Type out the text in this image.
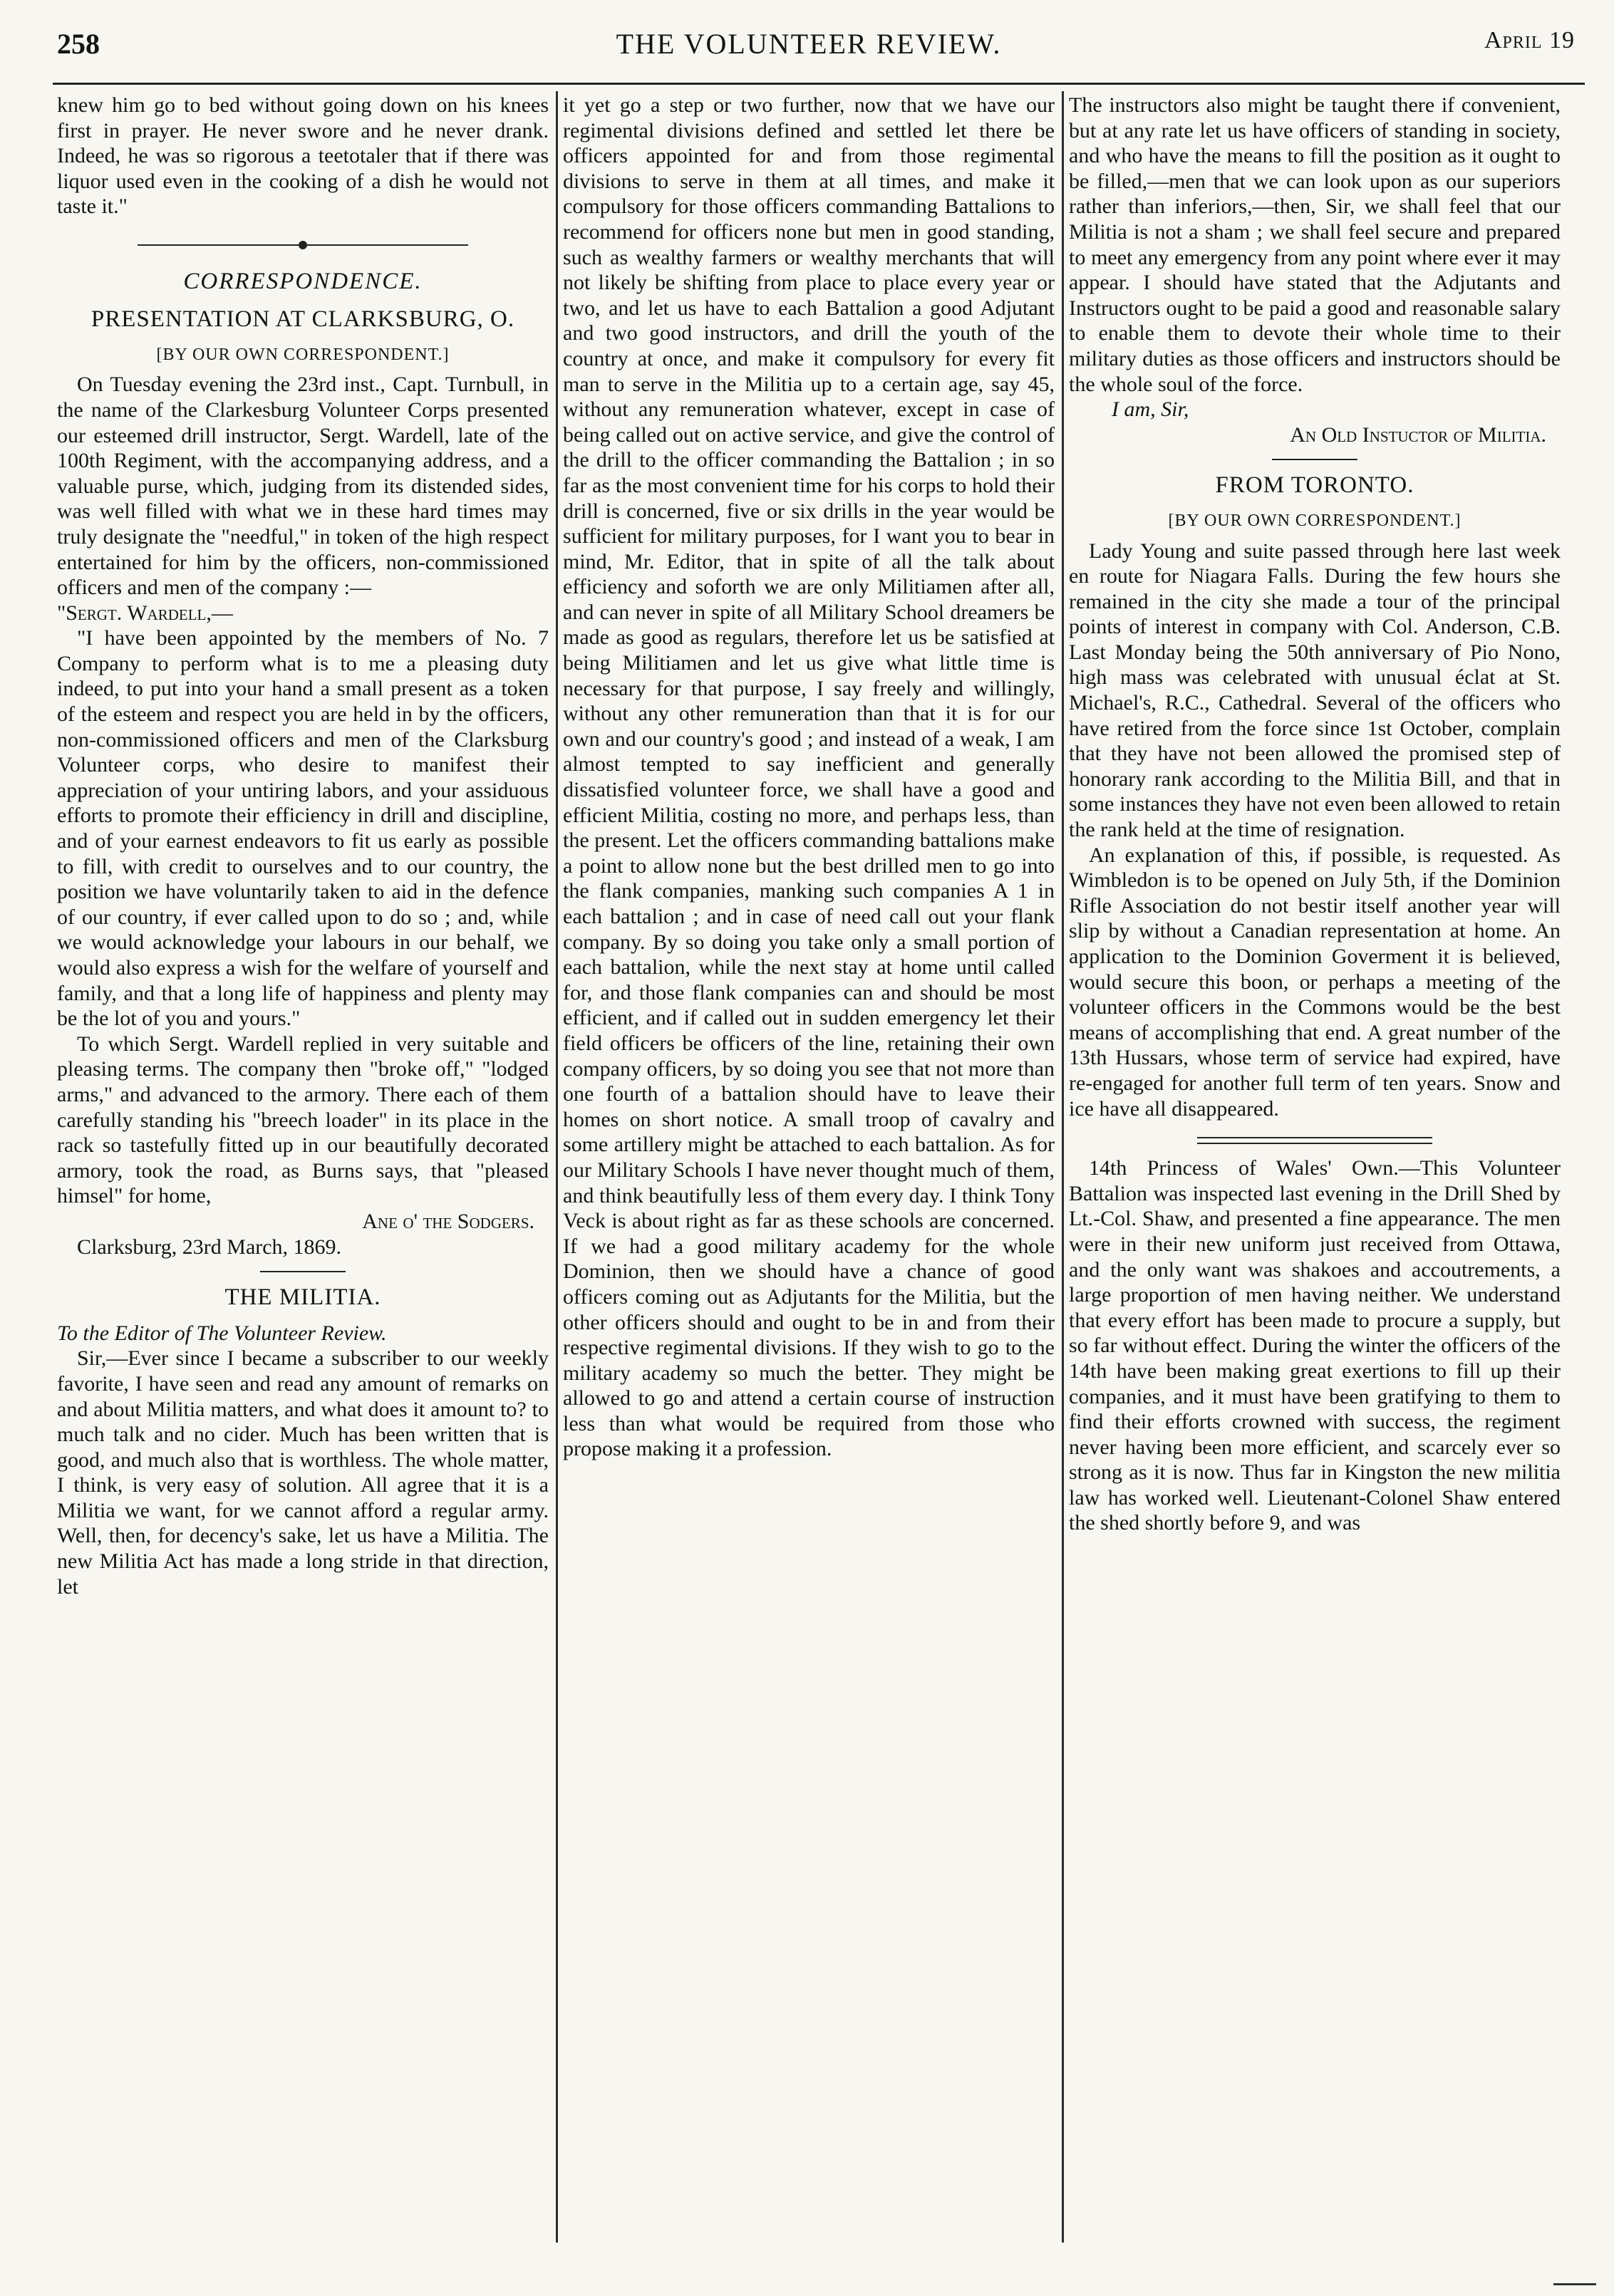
258	THE VOLUNTEER REVIEW.	April 19

knew him go to bed without going down on his knees first in prayer. He never swore and he never drank. Indeed, he was so rigorous a teetotaler that if there was liquor used even in the cooking of a dish he would not taste it."

CORRESPONDENCE.
PRESENTATION AT CLARKSBURG, O.
[BY OUR OWN CORRESPONDENT.]

On Tuesday evening the 23rd inst., Capt. Turnbull, in the name of the Clarkesburg Volunteer Corps presented our esteemed drill instructor, Sergt. Wardell, late of the 100th Regiment, with the accompanying address, and a valuable purse, which, judging from its distended sides, was well filled with what we in these hard times may truly designate the "needful," in token of the high respect entertained for him by the officers, non-commissioned officers and men of the company :—

"Sergt. Wardell,—

"I have been appointed by the members of No. 7 Company to perform what is to me a pleasing duty indeed, to put into your hand a small present as a token of the esteem and respect you are held in by the officers, non-commissioned officers and men of the Clarksburg Volunteer corps, who desire to manifest their appreciation of your untiring labors, and your assiduous efforts to promote their efficiency in drill and discipline, and of your earnest endeavors to fit us early as possible to fill, with credit to ourselves and to our country, the position we have voluntarily taken to aid in the defence of our country, if ever called upon to do so ; and, while we would acknowledge your labours in our behalf, we would also express a wish for the welfare of yourself and family, and that a long life of happiness and plenty may be the lot of you and yours."

To which Sergt. Wardell replied in very suitable and pleasing terms. The company then "broke off," "lodged arms," and advanced to the armory. There each of them carefully standing his "breech loader" in its place in the rack so tastefully fitted up in our beautifully decorated armory, took the road, as Burns says, that "pleased himsel" for home,

Ane o' the Sodgers.

Clarksburg, 23rd March, 1869.

THE MILITIA.

To the Editor of The Volunteer Review.

Sir,—Ever since I became a subscriber to our weekly favorite, I have seen and read any amount of remarks on and about Militia matters, and what does it amount to? to much talk and no cider. Much has been written that is good, and much also that is worthless. The whole matter, I think, is very easy of solution. All agree that it is a Militia we want, for we cannot afford a regular army. Well, then, for decency's sake, let us have a Militia. The new Militia Act has made a long stride in that direction, let

it yet go a step or two further, now that we have our regimental divisions defined and settled let there be officers appointed for and from those regimental divisions to serve in them at all times, and make it compulsory for those officers commanding Battalions to recommend for officers none but men in good standing, such as wealthy farmers or wealthy merchants that will not likely be shifting from place to place every year or two, and let us have to each Battalion a good Adjutant and two good instructors, and drill the youth of the country at once, and make it compulsory for every fit man to serve in the Militia up to a certain age, say 45, without any remuneration whatever, except in case of being called out on active service, and give the control of the drill to the officer commanding the Battalion ; in so far as the most convenient time for his corps to hold their drill is concerned, five or six drills in the year would be sufficient for military purposes, for I want you to bear in mind, Mr. Editor, that in spite of all the talk about efficiency and soforth we are only Militiamen after all, and can never in spite of all Military School dreamers be made as good as regulars, therefore let us be satisfied at being Militiamen and let us give what little time is necessary for that purpose, I say freely and willingly, without any other remuneration than that it is for our own and our country's good ; and instead of a weak, I am almost tempted to say inefficient and generally dissatisfied volunteer force, we shall have a good and efficient Militia, costing no more, and perhaps less, than the present. Let the officers commanding battalions make a point to allow none but the best drilled men to go into the flank companies, manking such companies A 1 in each battalion ; and in case of need call out your flank company. By so doing you take only a small portion of each battalion, while the next stay at home until called for, and those flank companies can and should be most efficient, and if called out in sudden emergency let their field officers be officers of the line, retaining their own company officers, by so doing you see that not more than one fourth of a battalion should have to leave their homes on short notice. A small troop of cavalry and some artillery might be attached to each battalion. As for our Military Schools I have never thought much of them, and think beautifully less of them every day. I think Tony Veck is about right as far as these schools are concerned. If we had a good military academy for the whole Dominion, then we should have a chance of good officers coming out as Adjutants for the Militia, but the other officers should and ought to be in and from their respective regimental divisions. If they wish to go to the military academy so much the better. They might be allowed to go and attend a certain course of instruction less than what would be required from those who propose making it a profession.

The instructors also might be taught there if convenient, but at any rate let us have officers of standing in society, and who have the means to fill the position as it ought to be filled,—men that we can look upon as our superiors rather than inferiors,—then, Sir, we shall feel that our Militia is not a sham ; we shall feel secure and prepared to meet any emergency from any point where ever it may appear. I should have stated that the Adjutants and Instructors ought to be paid a good and reasonable salary to enable them to devote their whole time to their military duties as those officers and instructors should be the whole soul of the force.

I am, Sir,

An Old Instuctor of Militia.

FROM TORONTO.
[BY OUR OWN CORRESPONDENT.]

Lady Young and suite passed through here last week en route for Niagara Falls. During the few hours she remained in the city she made a tour of the principal points of interest in company with Col. Anderson, C.B. Last Monday being the 50th anniversary of Pio Nono, high mass was celebrated with unusual éclat at St. Michael's, R.C., Cathedral. Several of the officers who have retired from the force since 1st October, complain that they have not been allowed the promised step of honorary rank according to the Militia Bill, and that in some instances they have not even been allowed to retain the rank held at the time of resignation.

An explanation of this, if possible, is requested. As Wimbledon is to be opened on July 5th, if the Dominion Rifle Association do not bestir itself another year will slip by without a Canadian representation at home. An application to the Dominion Goverment it is believed, would secure this boon, or perhaps a meeting of the volunteer officers in the Commons would be the best means of accomplishing that end. A great number of the 13th Hussars, whose term of service had expired, have re-engaged for another full term of ten years. Snow and ice have all disappeared.

14th Princess of Wales' Own.—This Volunteer Battalion was inspected last evening in the Drill Shed by Lt.-Col. Shaw, and presented a fine appearance. The men were in their new uniform just received from Ottawa, and the only want was shakoes and accoutrements, a large proportion of men having neither. We understand that every effort has been made to procure a supply, but so far without effect. During the winter the officers of the 14th have been making great exertions to fill up their companies, and it must have been gratifying to them to find their efforts crowned with success, the regiment never having been more efficient, and scarcely ever so strong as it is now. Thus far in Kingston the new militia law has worked well. Lieutenant-Colonel Shaw entered the shed shortly before 9, and was
